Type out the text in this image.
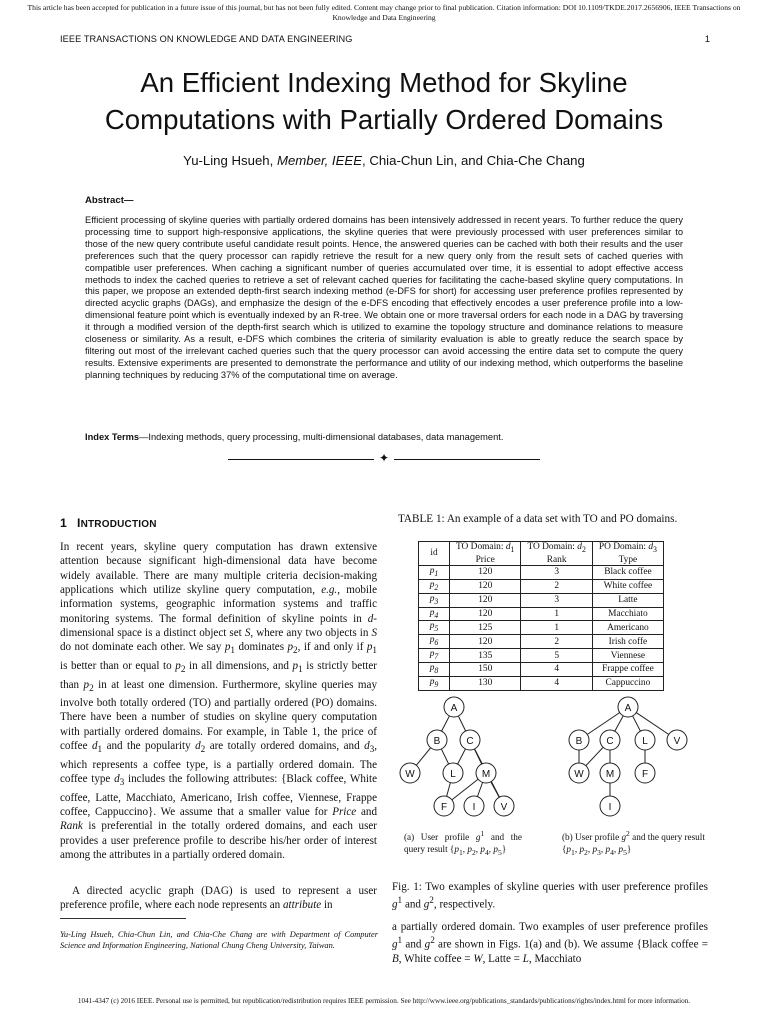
This article has been accepted for publication in a future issue of this journal, but has not been fully edited. Content may change prior to final publication. Citation information: DOI 10.1109/TKDE.2017.2656906, IEEE Transactions on Knowledge and Data Engineering
IEEE TRANSACTIONS ON KNOWLEDGE AND DATA ENGINEERING	1
An Efficient Indexing Method for Skyline
Computations with Partially Ordered Domains
Yu-Ling Hsueh, Member, IEEE, Chia-Chun Lin, and Chia-Che Chang
Abstract—
Efficient processing of skyline queries with partially ordered domains has been intensively addressed in recent years. To further reduce the query processing time to support high-responsive applications, the skyline queries that were previously processed with user preferences similar to those of the new query contribute useful candidate result points. Hence, the answered queries can be cached with both their results and the user preferences such that the query processor can rapidly retrieve the result for a new query only from the result sets of cached queries with compatible user preferences. When caching a significant number of queries accumulated over time, it is essential to adopt effective access methods to index the cached queries to retrieve a set of relevant cached queries for facilitating the cache-based skyline query computations. In this paper, we propose an extended depth-first search indexing method (e-DFS for short) for accessing user preference profiles represented by directed acyclic graphs (DAGs), and emphasize the design of the e-DFS encoding that effectively encodes a user preference profile into a low-dimensional feature point which is eventually indexed by an R-tree. We obtain one or more traversal orders for each node in a DAG by traversing it through a modified version of the depth-first search which is utilized to examine the topology structure and dominance relations to measure closeness or similarity. As a result, e-DFS which combines the criteria of similarity evaluation is able to greatly reduce the search space by filtering out most of the irrelevant cached queries such that the query processor can avoid accessing the entire data set to compute the query results. Extensive experiments are presented to demonstrate the performance and utility of our indexing method, which outperforms the baseline planning techniques by reducing 37% of the computational time on average.
Index Terms—Indexing methods, query processing, multi-dimensional databases, data management.
✦
1 INTRODUCTION
In recent years, skyline query computation has drawn extensive attention because significant high-dimensional data have become widely available. There are many multiple criteria decision-making applications which utilize skyline query computation, e.g., mobile information systems, geographic information systems and traffic monitoring systems. The formal definition of skyline points in d-dimensional space is a distinct object set S, where any two objects in S do not dominate each other. We say $p_1$ dominates $p_2$, if and only if $p_1$ is better than or equal to $p_2$ in all dimensions, and $p_1$ is strictly better than $p_2$ in at least one dimension. Furthermore, skyline queries may involve both totally ordered (TO) and partially ordered (PO) domains. There have been a number of studies on skyline query computation with partially ordered domains. For example, in Table 1, the price of coffee $d_1$ and the popularity $d_2$ are totally ordered domains, and $d_3$, which represents a coffee type, is a partially ordered domain. The coffee type $d_3$ includes the following attributes: {Black coffee, White coffee, Latte, Macchiato, Americano, Irish coffee, Viennese, Frappe coffee, Cappuccino}. We assume that a smaller value for Price and Rank is preferential in the totally ordered domains, and each user provides a user preference profile to describe his/her order of interest among the attributes in a partially ordered domain.
A directed acyclic graph (DAG) is used to represent a user preference profile, where each node represents an attribute in
Yu-Ling Hsueh, Chia-Chun Lin, and Chia-Che Chang are with Department of Computer Science and Information Engineering, National Chung Cheng University, Taiwan.
TABLE 1: An example of a data set with TO and PO domains.
id	TO Domain: $d_1$	TO Domain: $d_2$	PO Domain: $d_3$
	Price	Rank	Type
$p_1$	120	3	Black coffee
$p_2$	120	2	White coffee
$p_3$	120	3	Latte
$p_4$	120	1	Macchiato
$p_5$	125	1	Americano
$p_6$	120	2	Irish coffe
$p_7$	135	5	Viennese
$p_8$	150	4	Frappe coffee
$p_9$	130	4	Cappuccino
A
B	C
W	L	M
F	I	V
A
B C	L	V
W M	F
I
(a) User profile $g^1$ and the query result {$p_1$, $p_2$, $p_4$, $p_5$}
(b) User profile $g^2$ and the query result {$p_1$, $p_2$, $p_3$, $p_4$, $p_5$}
Fig. 1: Two examples of skyline queries with user preference profiles $g^1$ and $g^2$, respectively.
a partially ordered domain. Two examples of user preference profiles $g^1$ and $g^2$ are shown in Figs. 1(a) and (b). We assume {Black coffee = B, White coffee = W, Latte = L, Macchiato
1041-4347 (c) 2016 IEEE. Personal use is permitted, but republication/redistribution requires IEEE permission. See http://www.ieee.org/publications_standards/publications/rights/index.html for more information.
